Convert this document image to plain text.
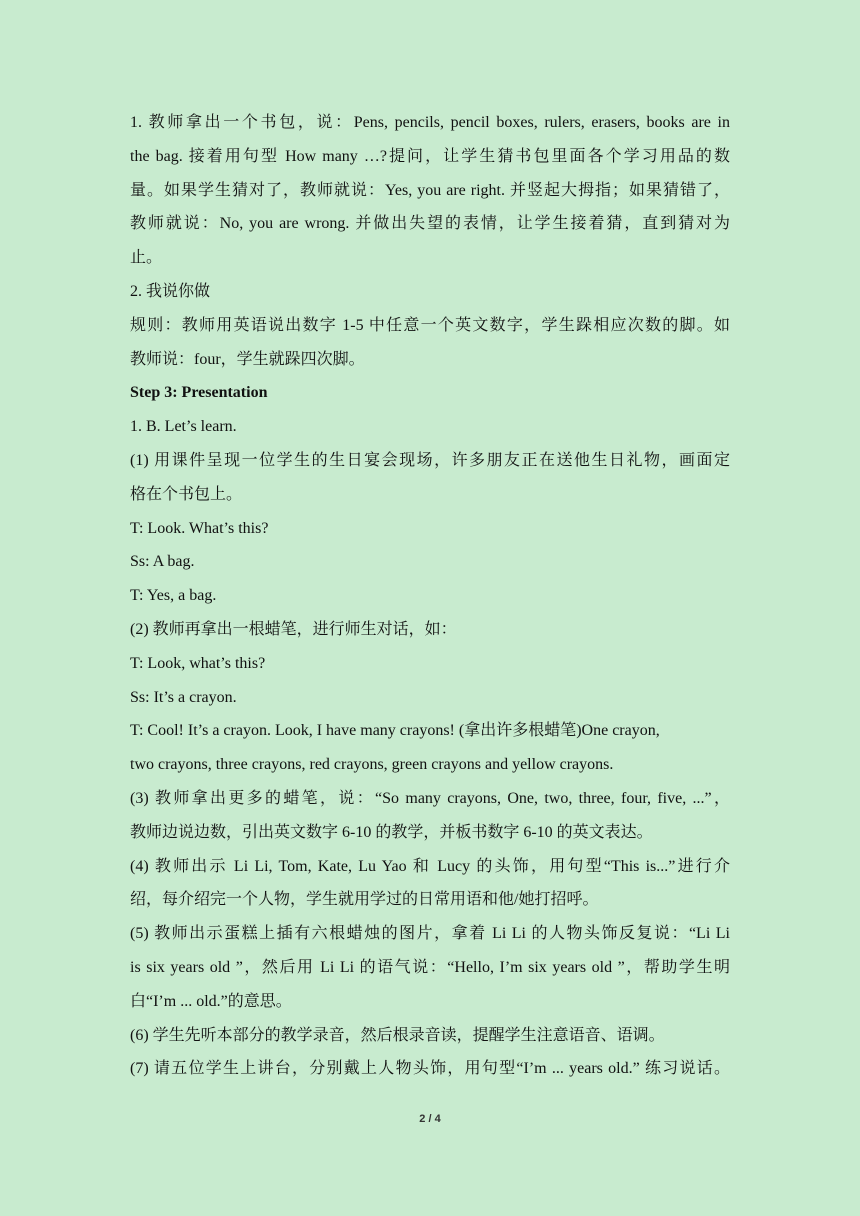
1. 教师拿出一个书包，说：Pens, pencils, pencil boxes, rulers, erasers, books are in
the bag. 接着用句型 How many …?提问，让学生猜书包里面各个学习用品的数
量。如果学生猜对了，教师就说：Yes, you are right. 并竖起大拇指；如果猜错了，
教师就说：No, you are wrong. 并做出失望的表情，让学生接着猜，直到猜对为
止。
2. 我说你做
规则：教师用英语说出数字 1-5 中任意一个英文数字，学生跺相应次数的脚。如
教师说：four，学生就跺四次脚。
Step 3: Presentation
1. B. Let’s learn.
(1) 用课件呈现一位学生的生日宴会现场，许多朋友正在送他生日礼物，画面定
格在个书包上。
T: Look. What’s this?
Ss: A bag.
T: Yes, a bag.
(2) 教师再拿出一根蜡笔，进行师生对话，如：
T: Look, what’s this?
Ss: It’s a crayon.
T: Cool! It’s a crayon. Look, I have many crayons! (拿出许多根蜡笔)One crayon,
two crayons, three crayons, red crayons, green crayons and yellow crayons.
(3) 教师拿出更多的蜡笔，说：“So many crayons, One, two, three, four, five, ...”，
教师边说边数，引出英文数字 6-10 的教学，并板书数字 6-10 的英文表达。
(4) 教师出示 Li Li, Tom, Kate, Lu Yao 和 Lucy 的头饰，用句型“This is...”进行介
绍，每介绍完一个人物，学生就用学过的日常用语和他/她打招呼。
(5) 教师出示蛋糕上插有六根蜡烛的图片，拿着 Li Li 的人物头饰反复说：“Li Li
is six years old ”，然后用 Li Li 的语气说：“Hello, I’m six years old ”，帮助学生明
白“I’m ... old.”的意思。
(6) 学生先听本部分的教学录音，然后根录音读，提醒学生注意语音、语调。
(7) 请五位学生上讲台，分别戴上人物头饰，用句型“I’m ... years old.” 练习说话。
2 / 4
